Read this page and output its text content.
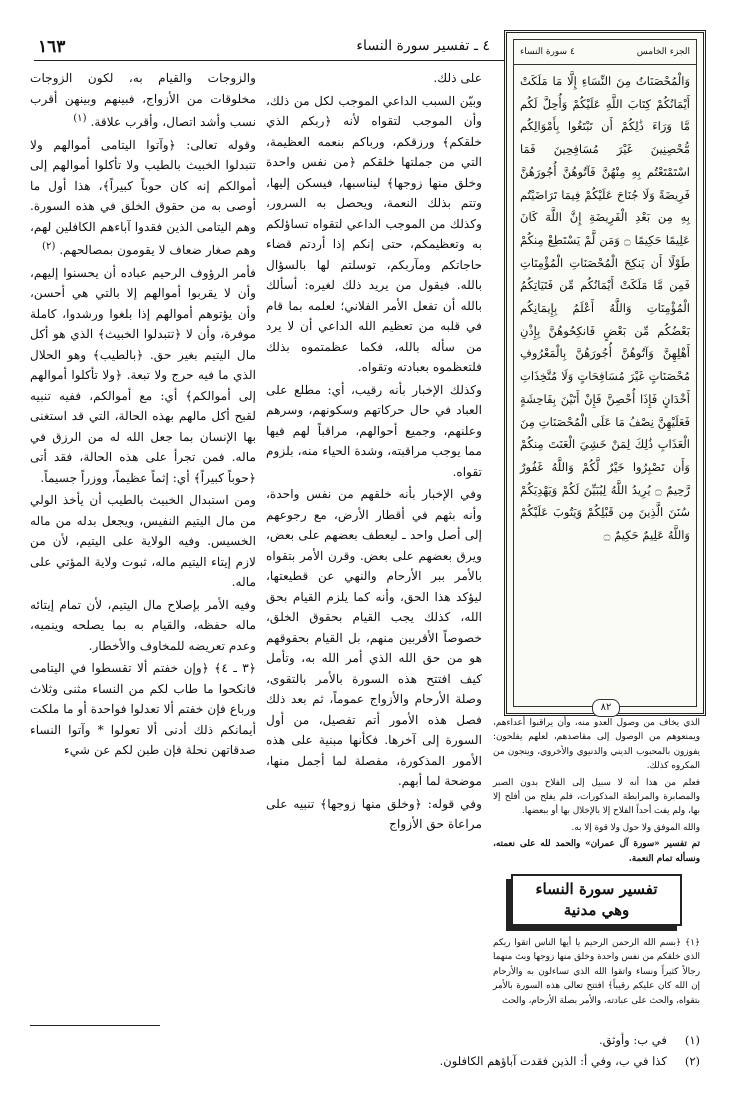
١٦٣	٤ ـ تفسير سورة النساء	الجزء الخامس
٤ سورة النساء
وَالْمُحْصَنَاتُ مِنَ النِّسَاءِ إِلَّا مَا مَلَكَتْ أَيْمَانُكُمْ كِتَابَ اللَّهِ عَلَيْكُمْ وَأُحِلَّ لَكُم مَّا وَرَاءَ ذَٰلِكُمْ أَن تَبْتَغُوا بِأَمْوَالِكُم مُّحْصِنِينَ غَيْرَ مُسَافِحِينَ فَمَا اسْتَمْتَعْتُم بِهِ مِنْهُنَّ فَآتُوهُنَّ أُجُورَهُنَّ فَرِيضَةً وَلَا جُنَاحَ عَلَيْكُمْ فِيمَا تَرَاضَيْتُم بِهِ مِن بَعْدِ الْفَرِيضَةِ إِنَّ اللَّهَ كَانَ عَلِيمًا حَكِيمًا ۝ وَمَن لَّمْ يَسْتَطِعْ مِنكُمْ طَوْلًا أَن يَنكِحَ الْمُحْصَنَاتِ الْمُؤْمِنَاتِ فَمِن مَّا مَلَكَتْ أَيْمَانُكُم مِّن فَتَيَاتِكُمُ الْمُؤْمِنَاتِ وَاللَّهُ أَعْلَمُ بِإِيمَانِكُم بَعْضُكُم مِّن بَعْضٍ فَانكِحُوهُنَّ بِإِذْنِ أَهْلِهِنَّ وَآتُوهُنَّ أُجُورَهُنَّ بِالْمَعْرُوفِ مُحْصَنَاتٍ غَيْرَ مُسَافِحَاتٍ وَلَا مُتَّخِذَاتِ أَخْدَانٍ فَإِذَا أُحْصِنَّ فَإِنْ أَتَيْنَ بِفَاحِشَةٍ فَعَلَيْهِنَّ نِصْفُ مَا عَلَى الْمُحْصَنَاتِ مِنَ الْعَذَابِ ذَٰلِكَ لِمَنْ خَشِيَ الْعَنَتَ مِنكُمْ وَأَن تَصْبِرُوا خَيْرٌ لَّكُمْ وَاللَّهُ غَفُورٌ رَّحِيمٌ ۝ يُرِيدُ اللَّهُ لِيُبَيِّنَ لَكُمْ وَيَهْدِيَكُمْ سُنَنَ الَّذِينَ مِن قَبْلِكُمْ وَيَتُوبَ عَلَيْكُمْ وَاللَّهُ عَلِيمٌ حَكِيمٌ ۝
٨٢

على ذلك.

وبيّن السبب الداعي الموجب لكل من ذلك، وأن الموجب لتقواه لأنه ﴿ربكم الذي خلقكم﴾ ورزقكم، ورباكم بنعمه العظيمة، التي من جملتها خلقكم ﴿من نفس واحدة وخلق منها زوجها﴾ ليناسبها، فيسكن إليها، وتتم بذلك النعمة، ويحصل به السرور، وكذلك من الموجب الداعي لتقواه تساؤلكم به وتعظيمكم، حتى إنكم إذا أردتم قضاء حاجاتكم ومآربكم، توسلتم لها بالسؤال بالله. فيقول من يريد ذلك لغيره: أسألك بالله أن تفعل الأمر الفلاني؛ لعلمه بما قام في قلبه من تعظيم الله الداعي أن لا يرد من سأله بالله، فكما عظمتموه بذلك فلتعظموه بعبادته وتقواه.

وكذلك الإخبار بأنه رقيب، أي: مطلع على العباد في حال حركاتهم وسكونهم، وسرهم وعلنهم، وجميع أحوالهم، مراقباً لهم فيها مما يوجب مراقبته، وشدة الحياء منه، بلزوم تقواه.

وفي الإخبار بأنه خلقهم من نفس واحدة، وأنه بثهم في أقطار الأرض، مع رجوعهم إلى أصل واحد ـ ليعطف بعضهم على بعض، ويرق بعضهم على بعض. وقرن الأمر بتقواه بالأمر ببر الأرحام والنهي عن قطيعتها، ليؤكد هذا الحق، وأنه كما يلزم القيام بحق الله، كذلك يجب القيام بحقوق الخلق، خصوصاً الأقربين منهم، بل القيام بحقوقهم هو من حق الله الذي أمر الله به، وتأمل كيف افتتح هذه السورة بالأمر بالتقوى، وصلة الأرحام والأزواج عموماً، ثم بعد ذلك فصل هذه الأمور أتم تفصيل، من أول السورة إلى آخرها. فكأنها مبنية على هذه الأمور المذكورة، مفصلة لما أجمل منها، موضحة لما أبهم.

وفي قوله: ﴿وخلق منها زوجها﴾ تنبيه على مراعاة حق الأزواج

والزوجات والقيام به، لكون الزوجات مخلوقات من الأزواج، فبينهم وبينهن أقرب نسب وأشد اتصال، وأقرب علاقة. $^{(١)}$

وقوله تعالى: ﴿وآتوا اليتامى أموالهم ولا تتبدلوا الخبيث بالطيب ولا تأكلوا أموالهم إلى أموالكم إنه كان حوباً كبيراً﴾، هذا أول ما أوصى به من حقوق الخلق في هذه السورة. وهم اليتامى الذين فقدوا آباءهم الكافلين لهم، وهم صغار ضعاف لا يقومون بمصالحهم. $^{(٢)}$

فأمر الرؤوف الرحيم عباده أن يحسنوا إليهم، وأن لا يقربوا أموالهم إلا بالتي هي أحسن، وأن يؤتوهم أموالهم إذا بلغوا ورشدوا، كاملة موفرة، وأن لا ﴿تتبدلوا الخبيث﴾ الذي هو أكل مال اليتيم بغير حق. ﴿بالطيب﴾ وهو الحلال الذي ما فيه حرج ولا تبعة. ﴿ولا تأكلوا أموالهم إلى أموالكم﴾ أي: مع أموالكم، ففيه تنبيه لقبح أكل مالهم بهذه الحالة، التي قد استغنى بها الإنسان بما جعل الله له من الرزق في ماله. فمن تجرأ على هذه الحالة، فقد أتى ﴿حوباً كبيراً﴾ أي: إثماً عظيماً، ووزراً جسيماً.

ومن استبدال الخبيث بالطيب أن يأخذ الولي من مال اليتيم النفيس، ويجعل بدله من ماله الخسيس. وفيه الولاية على اليتيم، لأن من لازم إيتاء اليتيم ماله، ثبوت ولاية المؤتي على ماله.

وفيه الأمر بإصلاح مال اليتيم، لأن تمام إيتائه ماله حفظه، والقيام به بما يصلحه وينميه، وعدم تعريضه للمخاوف والأخطار.

﴿٣ ـ ٤﴾ ﴿وإن خفتم ألا تقسطوا في اليتامى فانكحوا ما طاب لكم من النساء مثنى وثلاث ورباع فإن خفتم ألا تعدلوا فواحدة أو ما ملكت أيمانكم ذلك أدنى ألا تعولوا * وآتوا النساء صدقاتهن نحلة فإن طبن لكم عن شيء

(١)في ب: وأوثق.
(٢)كذا في ب، وفي أ: الذين فقدت آباؤهم الكافلون.

الذي يخاف من وصول العدو منه، وأن يراقبوا أعداءهم، ويمنعوهم من الوصول إلى مقاصدهم، لعلهم يفلحون: يفوزون بالمحبوب الديني والدنيوي والأخروي، وينجون من المكروه كذلك.

فعلم من هذا أنه لا سبيل إلى الفلاح بدون الصبر والمصابرة والمرابطة المذكورات، فلم يفلح من أفلح إلا بها، ولم يفت أحداً الفلاح إلا بالإخلال بها أو ببعضها.

والله الموفق ولا حول ولا قوة إلا به.

تم تفسير «سورة آل عمران» والحمد لله على نعمته، ونسأله تمام النعمة.

تفسير سورة النساء
وهي مدنية

﴿١﴾ ﴿بسم الله الرحمن الرحيم يا أيها الناس اتقوا ربكم الذي خلقكم من نفس واحدة وخلق منها زوجها وبث منهما رجالاً كثيراً ونساء واتقوا الله الذي تساءلون به والأرحام إن الله كان عليكم رقيباً﴾ افتتح تعالى هذه السورة بالأمر بتقواه، والحث على عبادته، والأمر بصلة الأرحام، والحث
